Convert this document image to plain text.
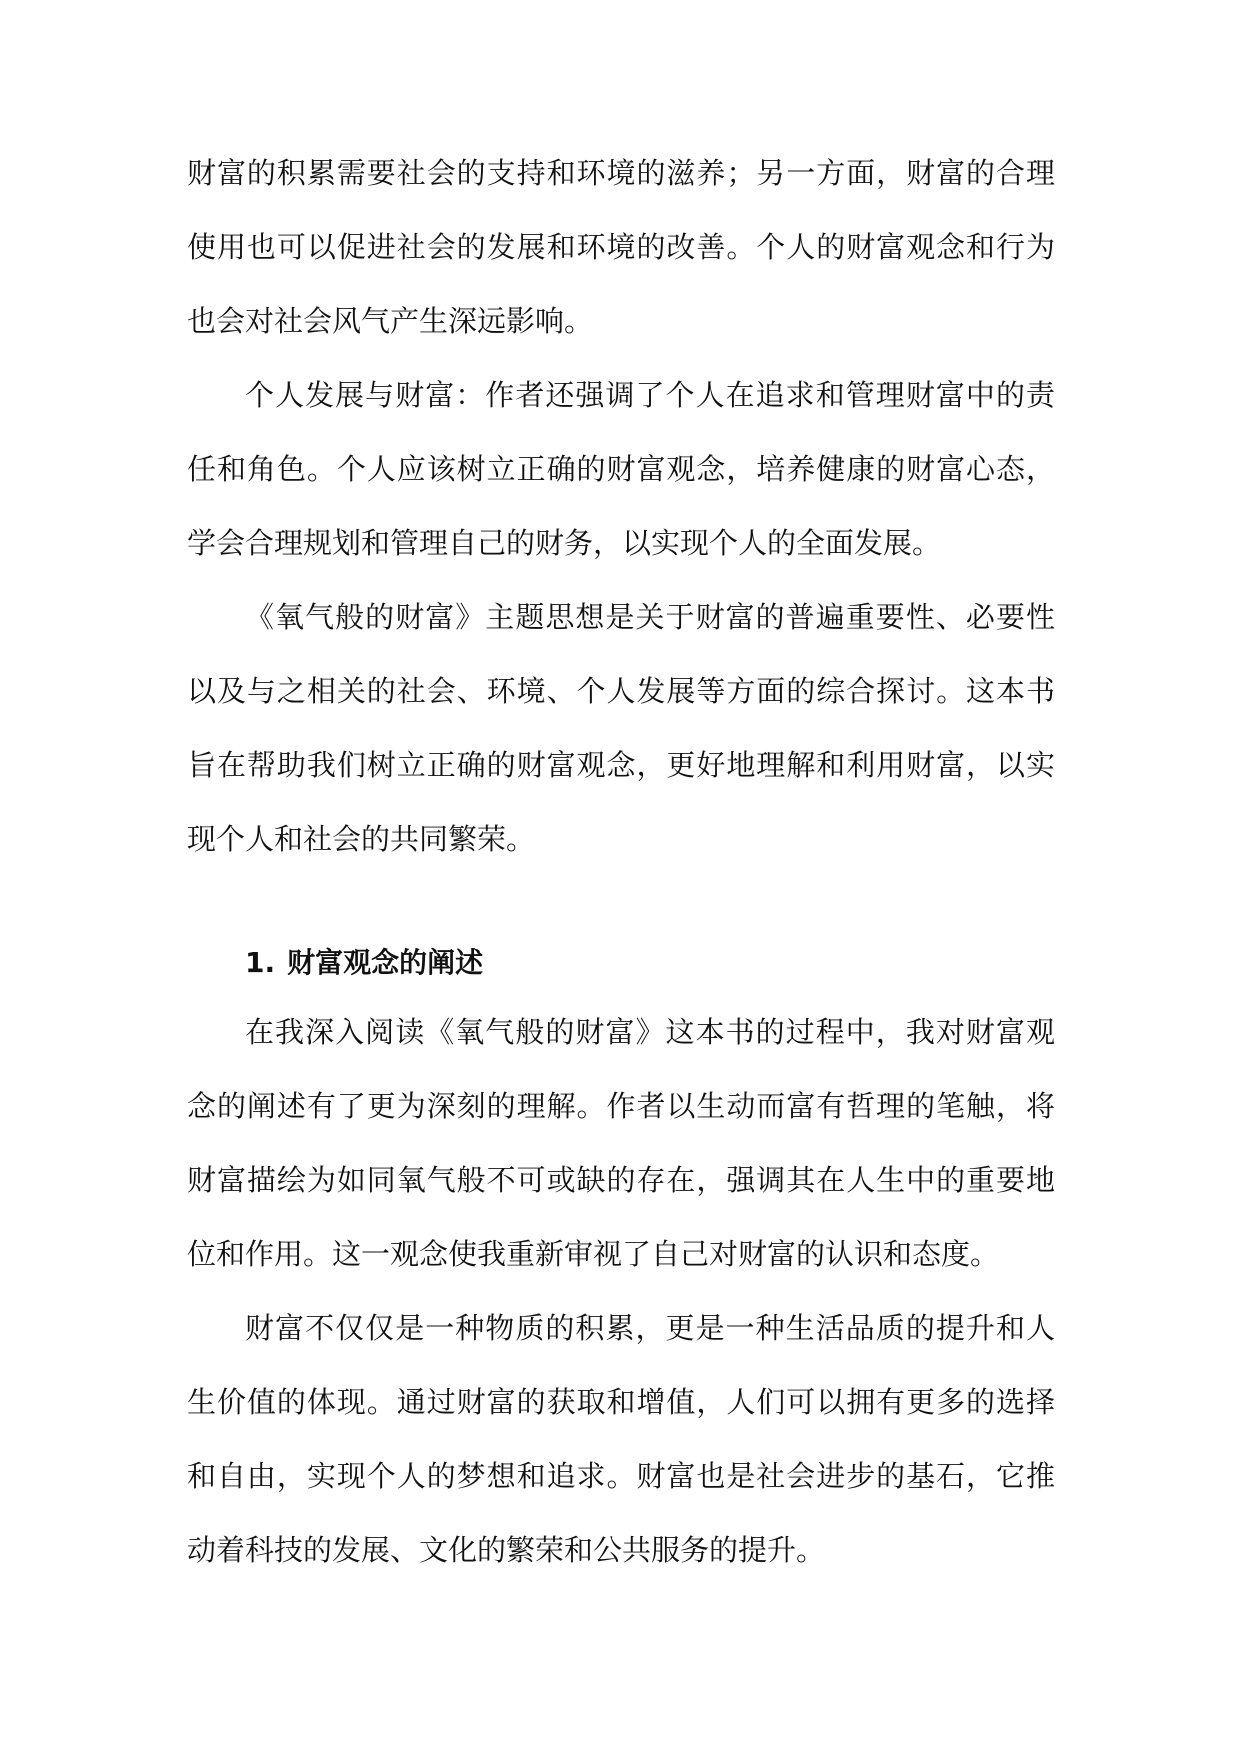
财富的积累需要社会的支持和环境的滋养；另一方面，财富的合理使用也可以促进社会的发展和环境的改善。个人的财富观念和行为也会对社会风气产生深远影响。

个人发展与财富：作者还强调了个人在追求和管理财富中的责任和角色。个人应该树立正确的财富观念，培养健康的财富心态，学会合理规划和管理自己的财务，以实现个人的全面发展。

《氧气般的财富》主题思想是关于财富的普遍重要性、必要性以及与之相关的社会、环境、个人发展等方面的综合探讨。这本书旨在帮助我们树立正确的财富观念，更好地理解和利用财富，以实现个人和社会的共同繁荣。

1. 财富观念的阐述

在我深入阅读《氧气般的财富》这本书的过程中，我对财富观念的阐述有了更为深刻的理解。作者以生动而富有哲理的笔触，将财富描绘为如同氧气般不可或缺的存在，强调其在人生中的重要地位和作用。这一观念使我重新审视了自己对财富的认识和态度。

财富不仅仅是一种物质的积累，更是一种生活品质的提升和人生价值的体现。通过财富的获取和增值，人们可以拥有更多的选择和自由，实现个人的梦想和追求。财富也是社会进步的基石，它推动着科技的发展、文化的繁荣和公共服务的提升。
